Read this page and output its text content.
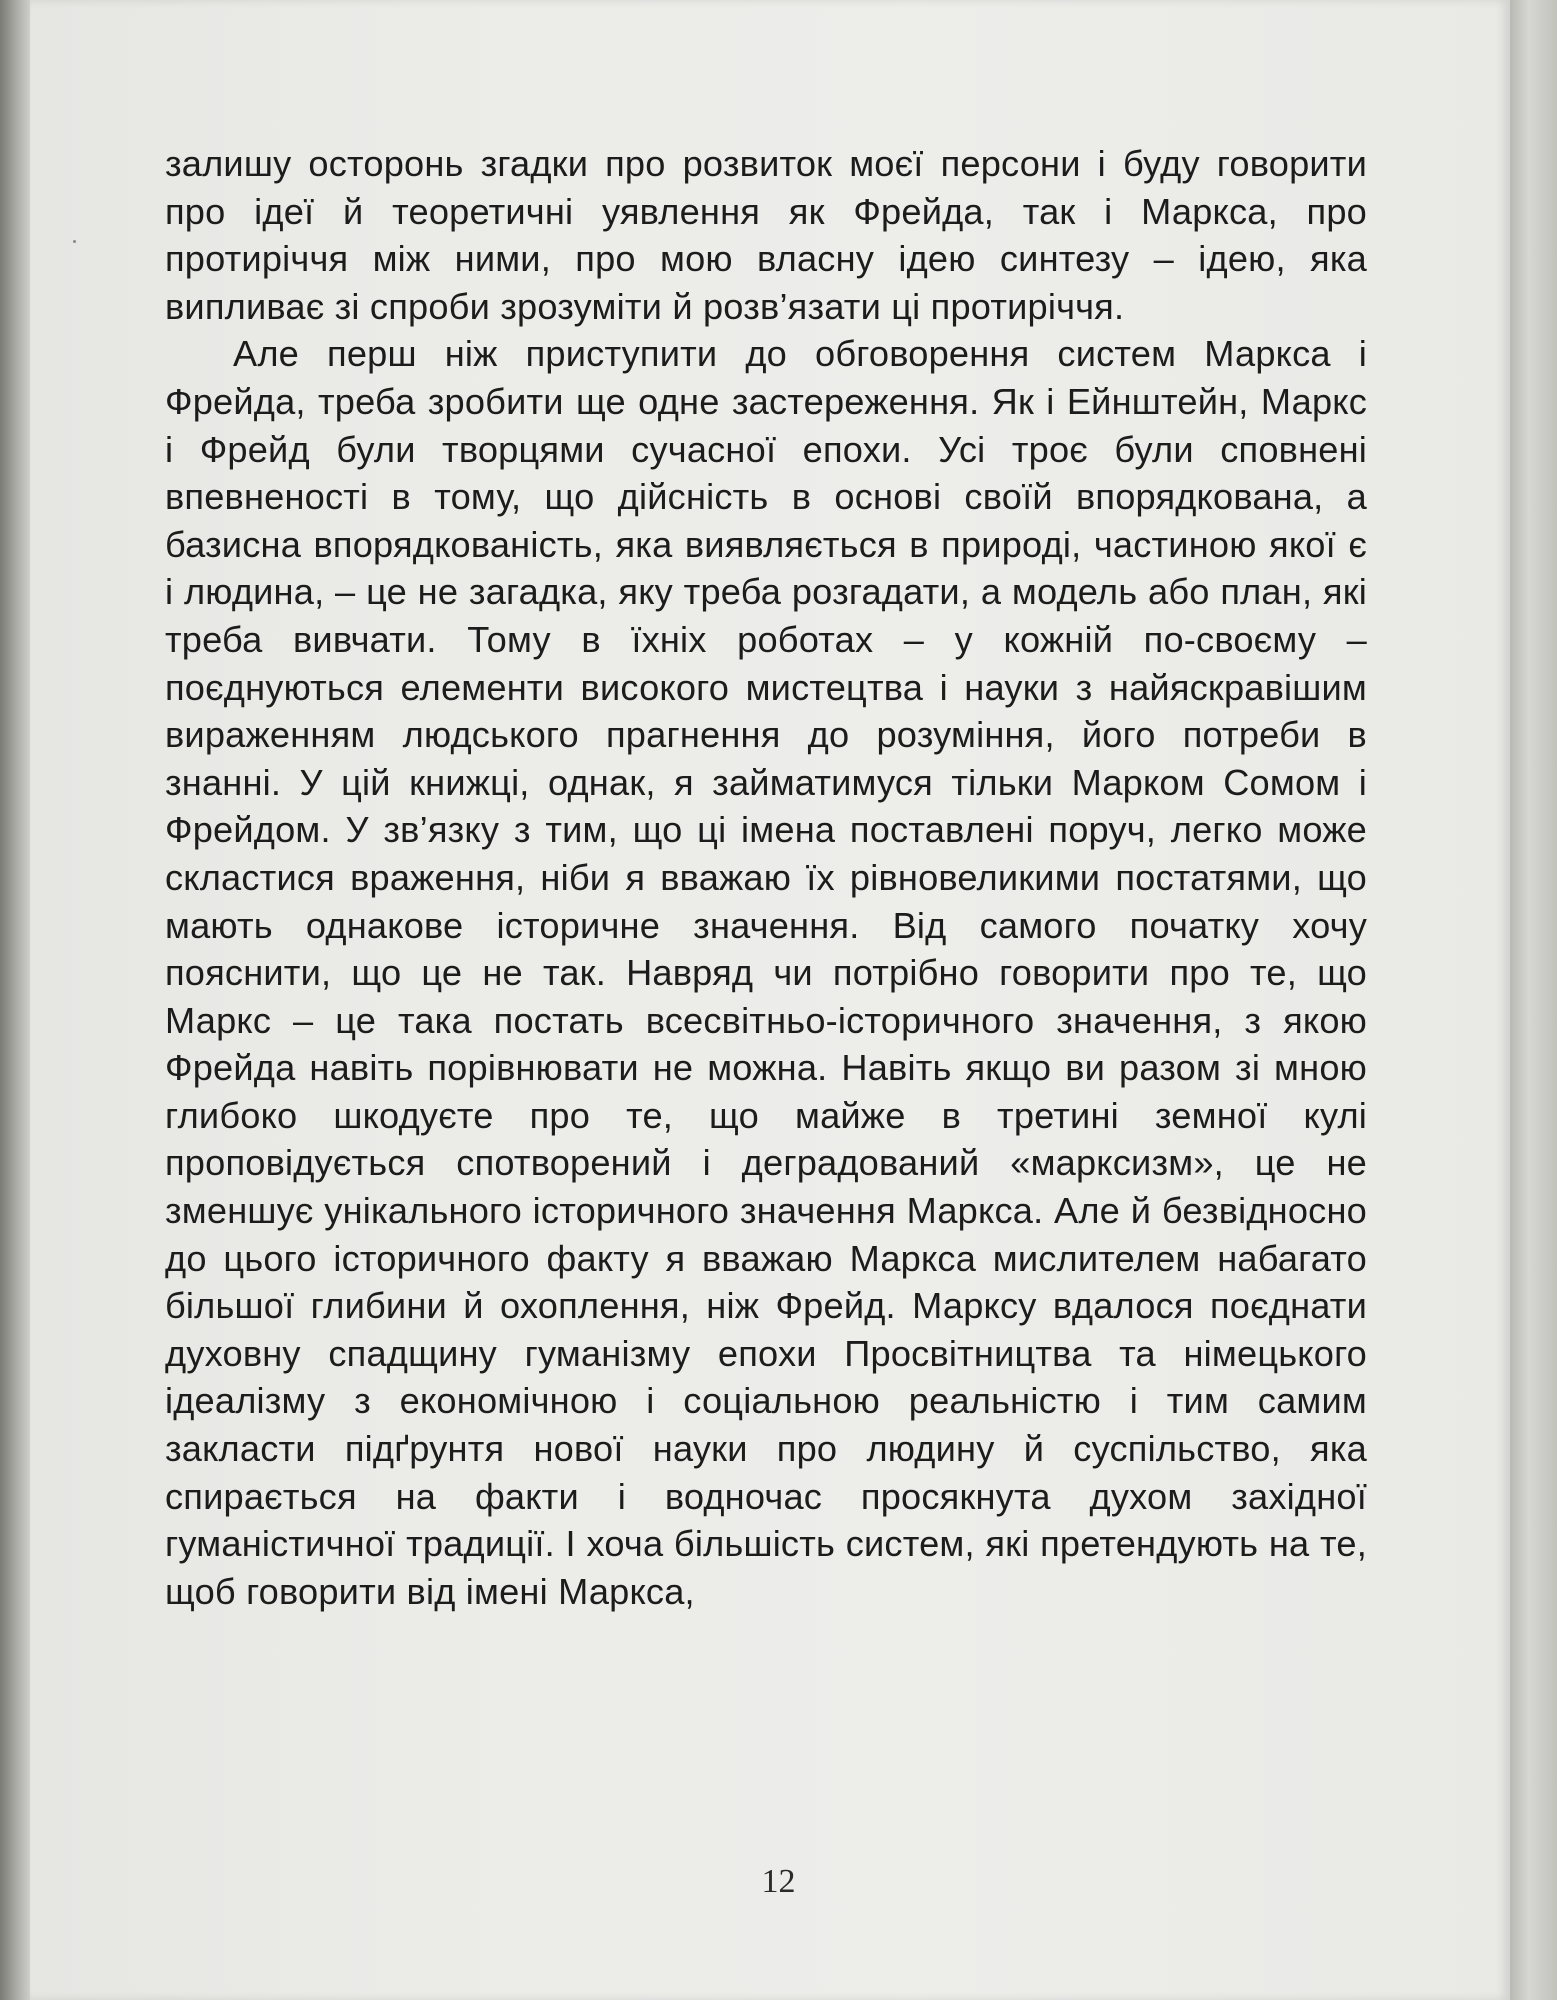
залишу осторонь згадки про розвиток моєї персони і буду говорити про ідеї й теоретичні уявлення як Фрейда, так і Маркса, про протиріччя між ними, про мою власну ідею синтезу – ідею, яка випливає зі спроби зрозуміти й розв’язати ці протиріччя.

Але перш ніж приступити до обговорення систем Маркса і Фрейда, треба зробити ще одне застереження. Як і Ейнштейн, Маркс і Фрейд були творцями сучасної епохи. Усі троє були сповнені впевненості в тому, що дійсність в основі своїй впорядкована, а базисна впорядкованість, яка виявляється в природі, частиною якої є і людина, – це не загадка, яку треба розгадати, а модель або план, які треба вивчати. Тому в їхніх роботах – у кожній по-своєму – поєднуються елементи високого мистецтва і науки з найяскравішим вираженням людського прагнення до розуміння, його потреби в знанні. У цій книжці, однак, я займатимуся тільки Марком Сомом і Фрейдом. У зв’язку з тим, що ці імена поставлені поруч, легко може скластися враження, ніби я вважаю їх рівновеликими постатями, що мають однакове історичне значення. Від самого початку хочу пояснити, що це не так. Навряд чи потрібно говорити про те, що Маркс – це така постать всесвітньо-історичного значення, з якою Фрейда навіть порівнювати не можна. Навіть якщо ви разом зі мною глибоко шкодуєте про те, що майже в третині земної кулі проповідується спотворений і деградований «марксизм», це не зменшує унікального історичного значення Маркса. Але й безвідносно до цього історичного факту я вважаю Маркса мислителем набагато більшої глибини й охоплення, ніж Фрейд. Марксу вдалося поєднати духовну спадщину гуманізму епохи Просвітництва та німецького ідеалізму з економічною і соціальною реальністю і тим самим закласти підґрунтя нової науки про людину й суспільство, яка спирається на факти і водночас просякнута духом західної гуманістичної традиції. І хоча більшість систем, які претендують на те, щоб говорити від імені Маркса,

12
